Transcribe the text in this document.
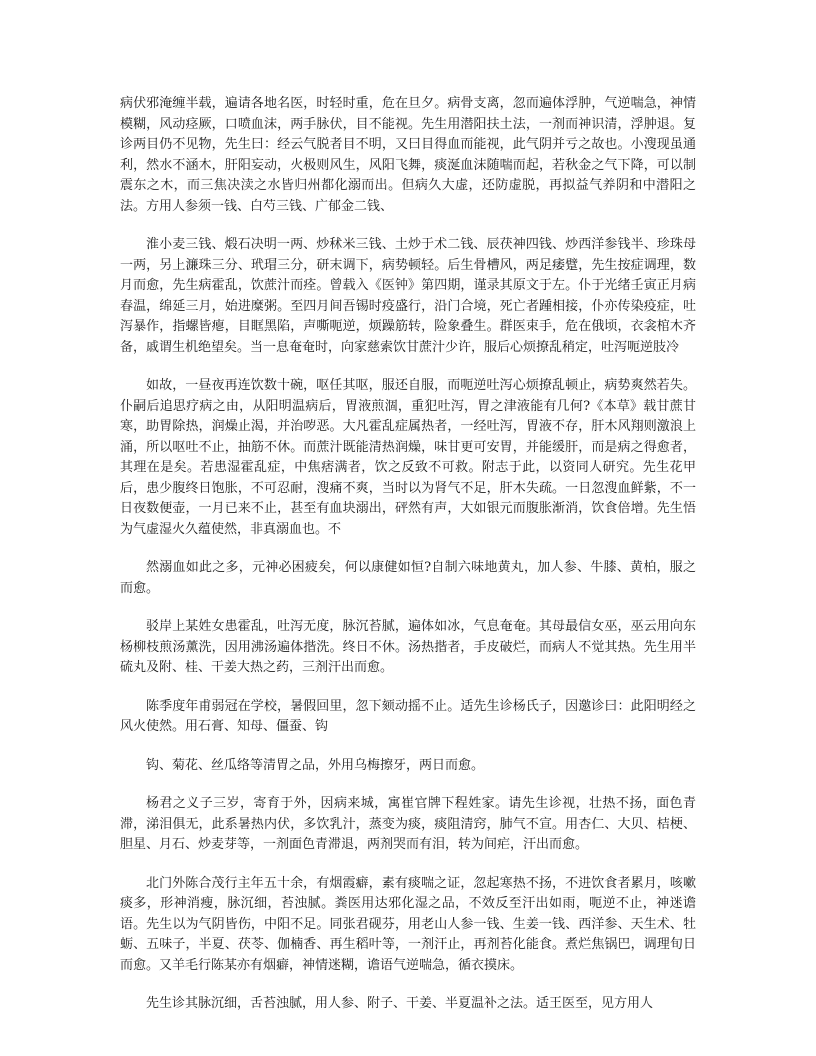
病伏邪淹缠半载，遍请各地名医，时轻时重，危在旦夕。病骨支离，忽而遍体浮肿，气逆喘急，神情模糊，风动痉厥，口喷血沫，两手脉伏，目不能视。先生用潜阳扶土法，一剂而神识清，浮肿退。复诊两目仍不见物，先生曰：经云气脱者目不明，又曰目得血而能视，此气阴并亏之故也。小溲现虽通利，然水不涵木，肝阳妄动，火极则风生，风阳飞舞，痰涎血沫随喘而起，若秋金之气下降，可以制震东之木，而三焦决渎之水皆归州都化溺而出。但病久大虚，还防虚脱，再拟益气养阴和中潜阳之法。方用人参须一钱、白芍三钱、广郁金二钱、

淮小麦三钱、煅石决明一两、炒秫米三钱、土炒于术二钱、辰茯神四钱、炒西洋参钱半、珍珠母一两，另上濂珠三分、玳瑁三分，研末调下，病势顿轻。后生骨槽风，两足痿躄，先生按症调理，数月而愈，先生病霍乱，饮蔗汁而痊。曾载入《医钟》第四期，谨录其原文于左。仆于光绪壬寅正月病春温，绵延三月，始进糜粥。至四月间吾锡时疫盛行，沿门合境，死亡者踵相接，仆亦传染疫症，吐泻暴作，指螺皆瘪，目眶黑陷，声嘶呃逆，烦躁筋转，险象叠生。群医束手，危在俄顷，衣衾棺木齐备，戚谓生机绝望矣。当一息奄奄时，向家慈索饮甘蔗汁少许，服后心烦撩乱稍定，吐泻呃逆肢冷

如故，一昼夜再连饮数十碗，呕任其呕，服还自服，而呃逆吐泻心烦撩乱顿止，病势爽然若失。仆嗣后追思疗病之由，从阳明温病后，胃液煎涸，重犯吐泻，胃之津液能有几何?《本草》载甘蔗甘寒，助胃除热，润燥止渴，并治哕恶。大凡霍乱症属热者，一经吐泻，胃液不存，肝木风翔则激浪上涌，所以呕吐不止，抽筋不休。而蔗汁既能清热润燥，味甘更可安胃，并能缓肝，而是病之得愈者，其理在是矣。若患湿霍乱症，中焦痞满者，饮之反致不可救。附志于此，以资同人研究。先生花甲后，患少腹终日饱胀，不可忍耐，溲痛不爽，当时以为肾气不足，肝木失疏。一日忽溲血鲜紫，不一日夜数便壶，一月已来不止，甚至有血块溺出，砰然有声，大如银元而腹胀渐消，饮食倍增。先生悟为气虚湿火久蕴使然，非真溺血也。不

然溺血如此之多，元神必困疲矣，何以康健如恒?自制六味地黄丸，加人参、牛膝、黄柏，服之而愈。

驳岸上某姓女患霍乱，吐泻无度，脉沉苔腻，遍体如冰，气息奄奄。其母最信女巫，巫云用向东杨柳枝煎汤薰洗，因用沸汤遍体揩洗。终日不休。汤热揩者，手皮破烂，而病人不觉其热。先生用半硫丸及附、桂、干姜大热之药，三剂汗出而愈。

陈季度年甫弱冠在学校，暑假回里，忽下颏动摇不止。适先生诊杨氏子，因邀诊曰：此阳明经之风火使然。用石膏、知母、僵蚕、钩

钩、菊花、丝瓜络等清胃之品，外用乌梅擦牙，两日而愈。

杨君之义子三岁，寄育于外，因病来城，寓崔官牌下程姓家。请先生诊视，壮热不扬，面色青滞，涕泪俱无，此系暑热内伏，多饮乳汁，蒸变为痰，痰阻清窍，肺气不宣。用杏仁、大贝、桔梗、胆星、月石、炒麦芽等，一剂面色青滞退，两剂哭而有泪，转为间疟，汗出而愈。

北门外陈合茂行主年五十余，有烟霞癖，素有痰喘之证，忽起寒热不扬，不进饮食者累月，咳嗽痰多，形神消瘦，脉沉细，苔浊腻。粪医用达邪化湿之品，不效反至汗出如雨，呃逆不止，神迷谵语。先生以为气阴皆伤，中阳不足。同张君砚芬，用老山人参一钱、生姜一钱、西洋参、天生术、牡蛎、五味子，半夏、茯苓、伽楠香、再生稻叶等，一剂汗止，再剂苔化能食。煮烂焦锅巴，调理旬日而愈。又羊毛行陈某亦有烟癖，神情迷糊，谵语气逆喘急，循衣摸床。

先生诊其脉沉细，舌苔浊腻，用人参、附子、干姜、半夏温补之法。适王医至，见方用人
